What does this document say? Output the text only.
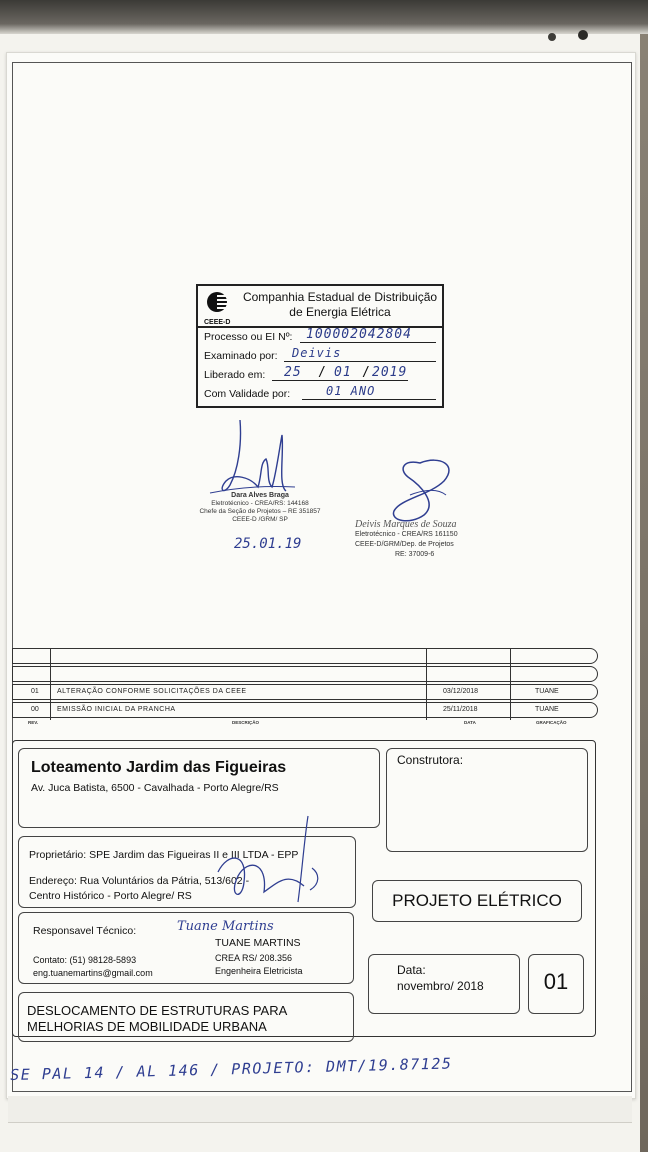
CEEE-D
Companhia Estadual de Distribuição
de Energia Elétrica
Processo ou EI Nº: 100002042804
Examinado por: Deivis
Liberado em: 25 / 01 / 2019
Com Validade por:	01 ANO
Dara Alves Braga
Eletrotécnico - CREA/RS: 144168
Chefe da Seção de Projetos – RE 351857
CEEE-D /GRM/ SP
25.01.19
Deivis Marques de Souza
Eletrotécnico - CREA/RS 161150
CEEE-D/GRM/Dep. de Projetos
RE: 37009-6
01	ALTERAÇÃO CONFORME SOLICITAÇÕES DA CEEE	03/12/2018	TUANE
00	EMISSÃO INICIAL DA PRANCHA	25/11/2018	TUANE
REV.	DESCRIÇÃO	DATA	GRAFICAÇÃO
Loteamento Jardim das Figueiras
Av. Juca Batista, 6500 - Cavalhada - Porto Alegre/RS
Construtora:
Proprietário: SPE Jardim das Figueiras II e III LTDA - EPP
Endereço: Rua Voluntários da Pátria, 513/602 -
Centro Histórico - Porto Alegre/ RS	PROJETO ELÉTRICO
Responsavel Técnico:	Tuane Martins
TUANE MARTINS
CREA RS/ 208.356
Engenheira Eletricista
Contato: (51) 98128-5893
eng.tuanemartins@gmail.com	Data:
novembro/ 2018	01
DESLOCAMENTO DE ESTRUTURAS PARA
MELHORIAS DE MOBILIDADE URBANA
SE PAL 14 / AL 146 / PROJETO: DMT/19.87125
